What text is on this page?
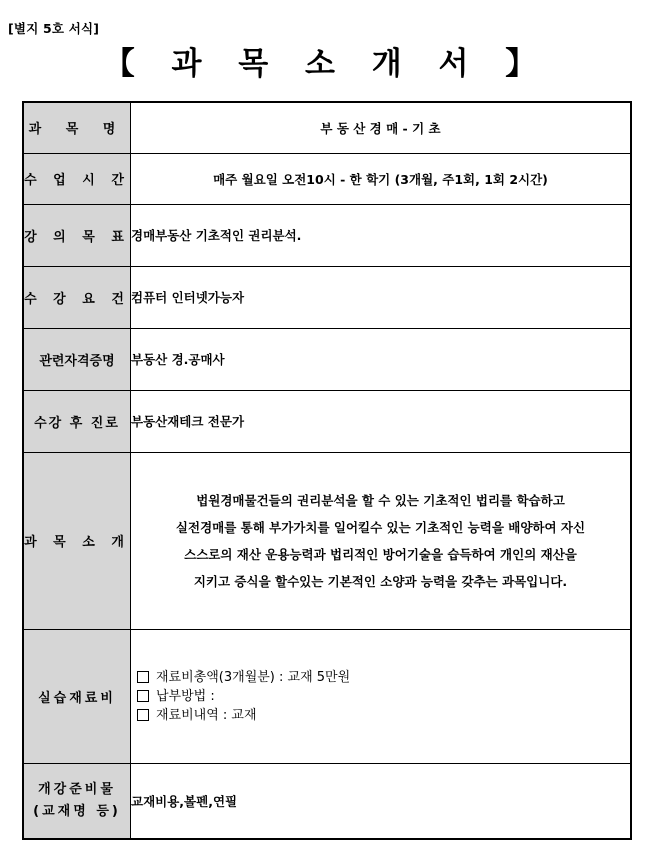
[별지 5호 서식]
【 과 목 소 개 서 】
과 목 명	부 동 산 경 매 - 기 초
수 업 시 간	매주 월요일 오전10시 - 한 학기 (3개월, 주1회, 1회 2시간)
강 의 목 표	경매부동산 기초적인 권리분석.
수 강 요 건	컴퓨터 인터넷가능자
관련자격증명	부동산 경.공매사
수강 후 진로	부동산재테크 전문가
과 목 소 개	법원경매물건들의 권리분석을 할 수 있는 기초적인 법리를 학습하고
실전경매를 통해 부가가치를 일어킬수 있는 기초적인 능력을 배양하여 자신
스스로의 재산 운용능력과 법리적인 방어기술을 습득하여 개인의 재산을
지키고 증식을 할수있는 기본적인 소양과 능력을 갖추는 과목입니다.

실습재료비	재료비총액(3개월분) : 교재 5만원
납부방법 :
재료비내역 : 교재

개강준비물
(교재명 등)	교재비용,볼펜,연필
